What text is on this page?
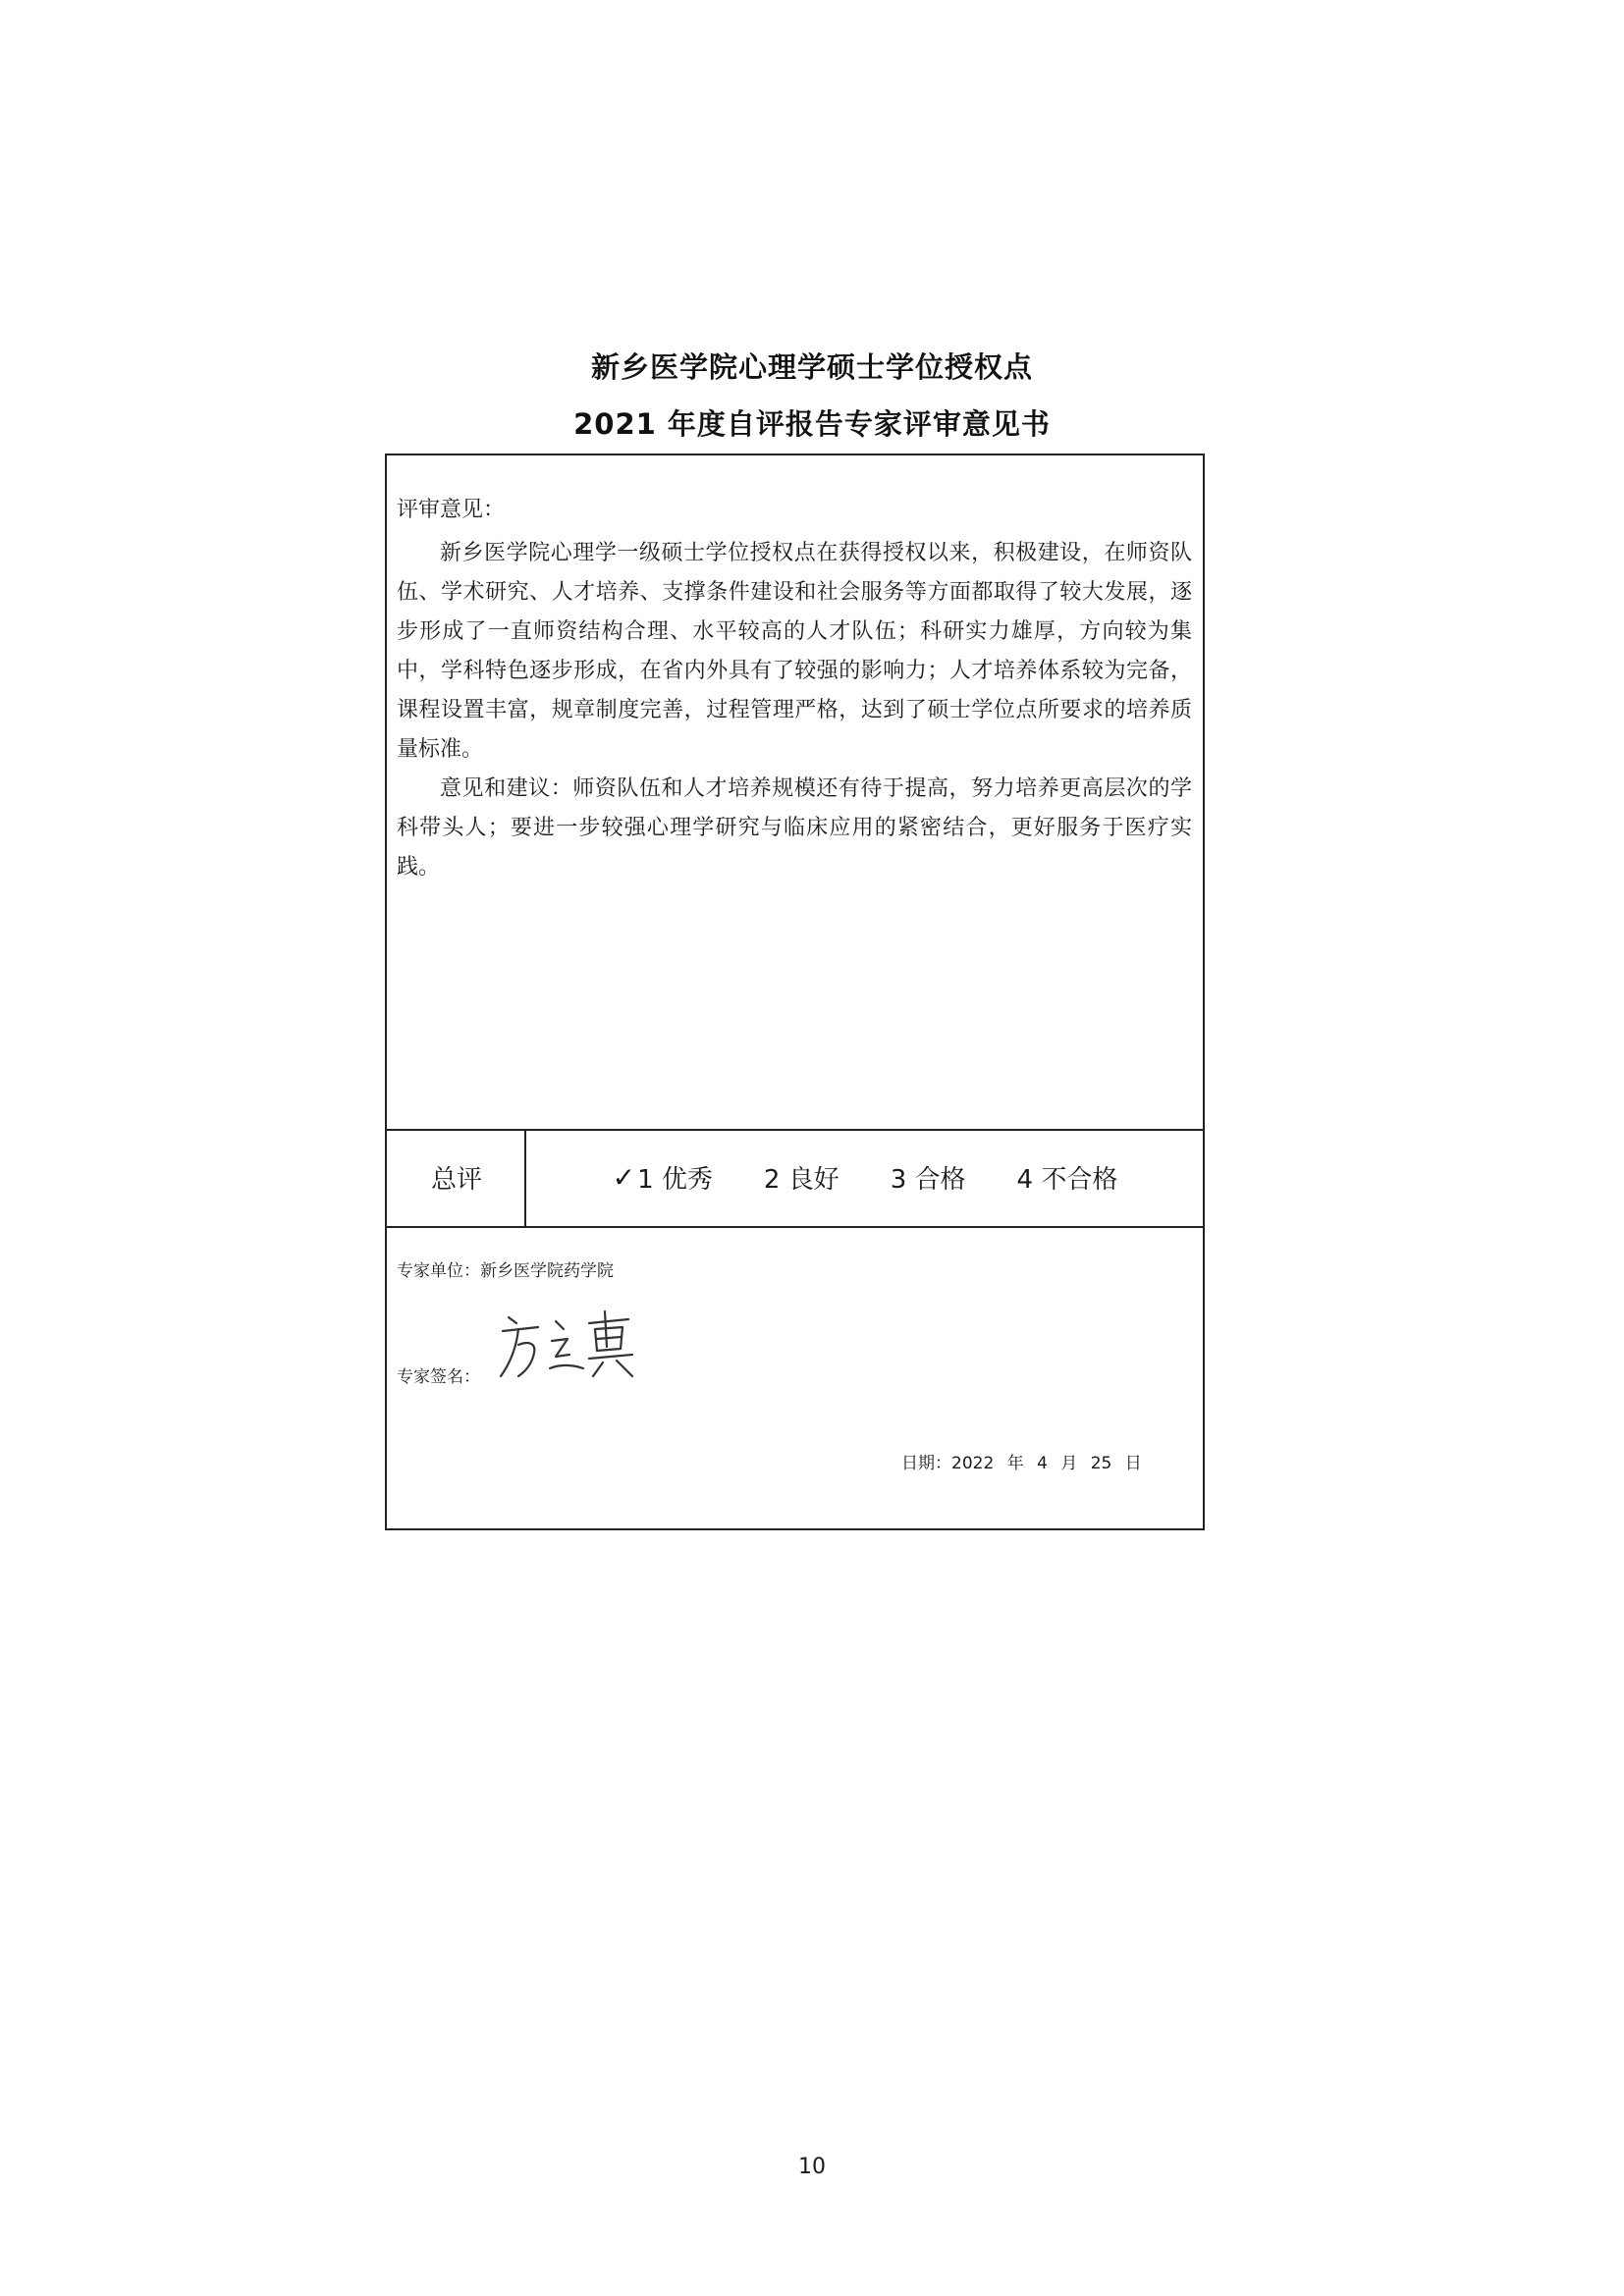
新乡医学院心理学硕士学位授权点
2021 年度自评报告专家评审意见书
评审意见：

新乡医学院心理学一级硕士学位授权点在获得授权以来，积极建设，在师资队伍、学术研究、人才培养、支撑条件建设和社会服务等方面都取得了较大发展，逐步形成了一直师资结构合理、水平较高的人才队伍；科研实力雄厚，方向较为集中，学科特色逐步形成，在省内外具有了较强的影响力；人才培养体系较为完备，课程设置丰富，规章制度完善，过程管理严格，达到了硕士学位点所要求的培养质量标准。

意见和建议：师资队伍和人才培养规模还有待于提高，努力培养更高层次的学科带头人；要进一步较强心理学研究与临床应用的紧密结合，更好服务于医疗实践。

总评	✓ 1 优秀 2 良好 3 合格 4 不合格
专家单位：新乡医学院药学院
专家签名：
日期：2022 年 4 月 25 日
10
